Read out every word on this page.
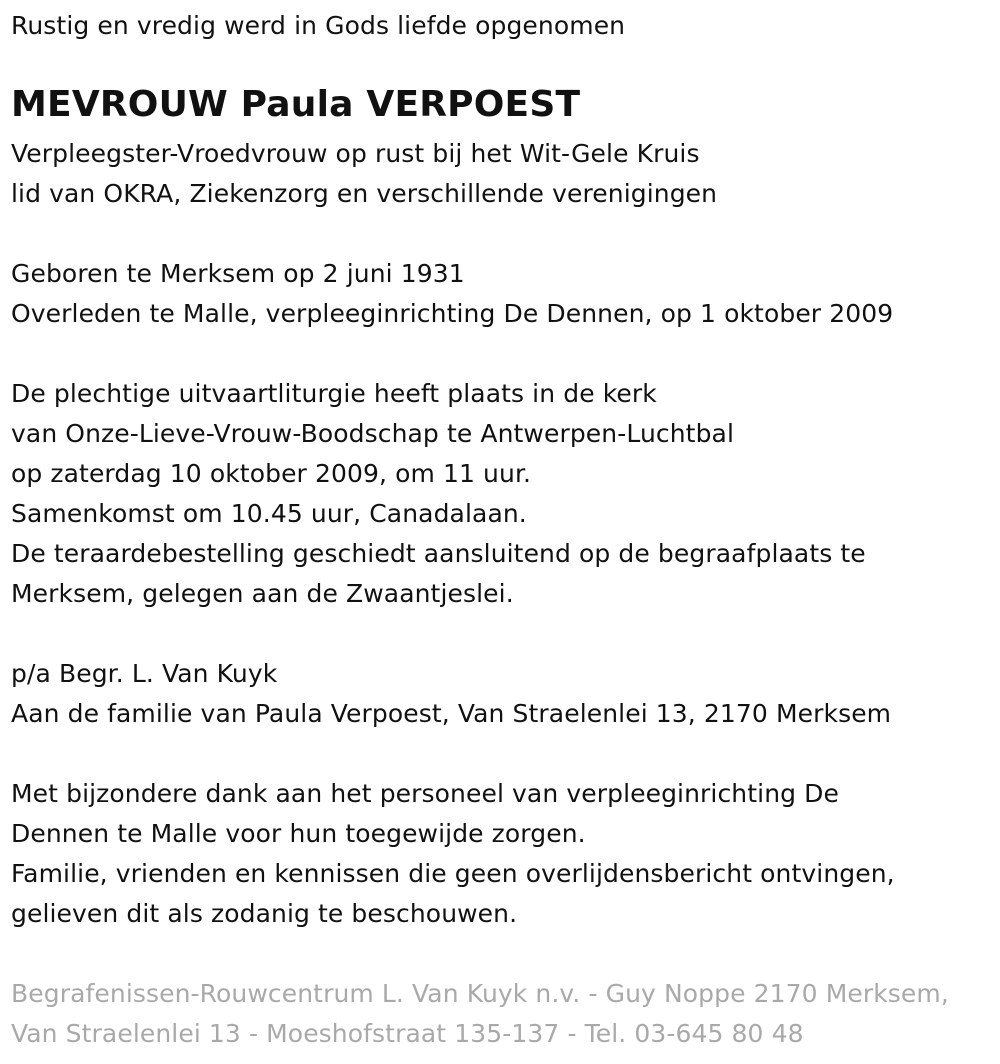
Rustig en vredig werd in Gods liefde opgenomen
MEVROUW Paula VERPOEST
Verpleegster-Vroedvrouw op rust bij het Wit-Gele Kruis
lid van OKRA, Ziekenzorg en verschillende verenigingen
Geboren te Merksem op 2 juni 1931
Overleden te Malle, verpleeginrichting De Dennen, op 1 oktober 2009
De plechtige uitvaartliturgie heeft plaats in de kerk
van Onze-Lieve-Vrouw-Boodschap te Antwerpen-Luchtbal
op zaterdag 10 oktober 2009, om 11 uur.
Samenkomst om 10.45 uur, Canadalaan.
De teraardebestelling geschiedt aansluitend op de begraafplaats te
Merksem, gelegen aan de Zwaantjeslei.
p/a Begr. L. Van Kuyk
Aan de familie van Paula Verpoest, Van Straelenlei 13, 2170 Merksem
Met bijzondere dank aan het personeel van verpleeginrichting De
Dennen te Malle voor hun toegewijde zorgen.
Familie, vrienden en kennissen die geen overlijdensbericht ontvingen,
gelieven dit als zodanig te beschouwen.
Begrafenissen-Rouwcentrum L. Van Kuyk n.v. - Guy Noppe 2170 Merksem,
Van Straelenlei 13 - Moeshofstraat 135-137 - Tel. 03-645 80 48
